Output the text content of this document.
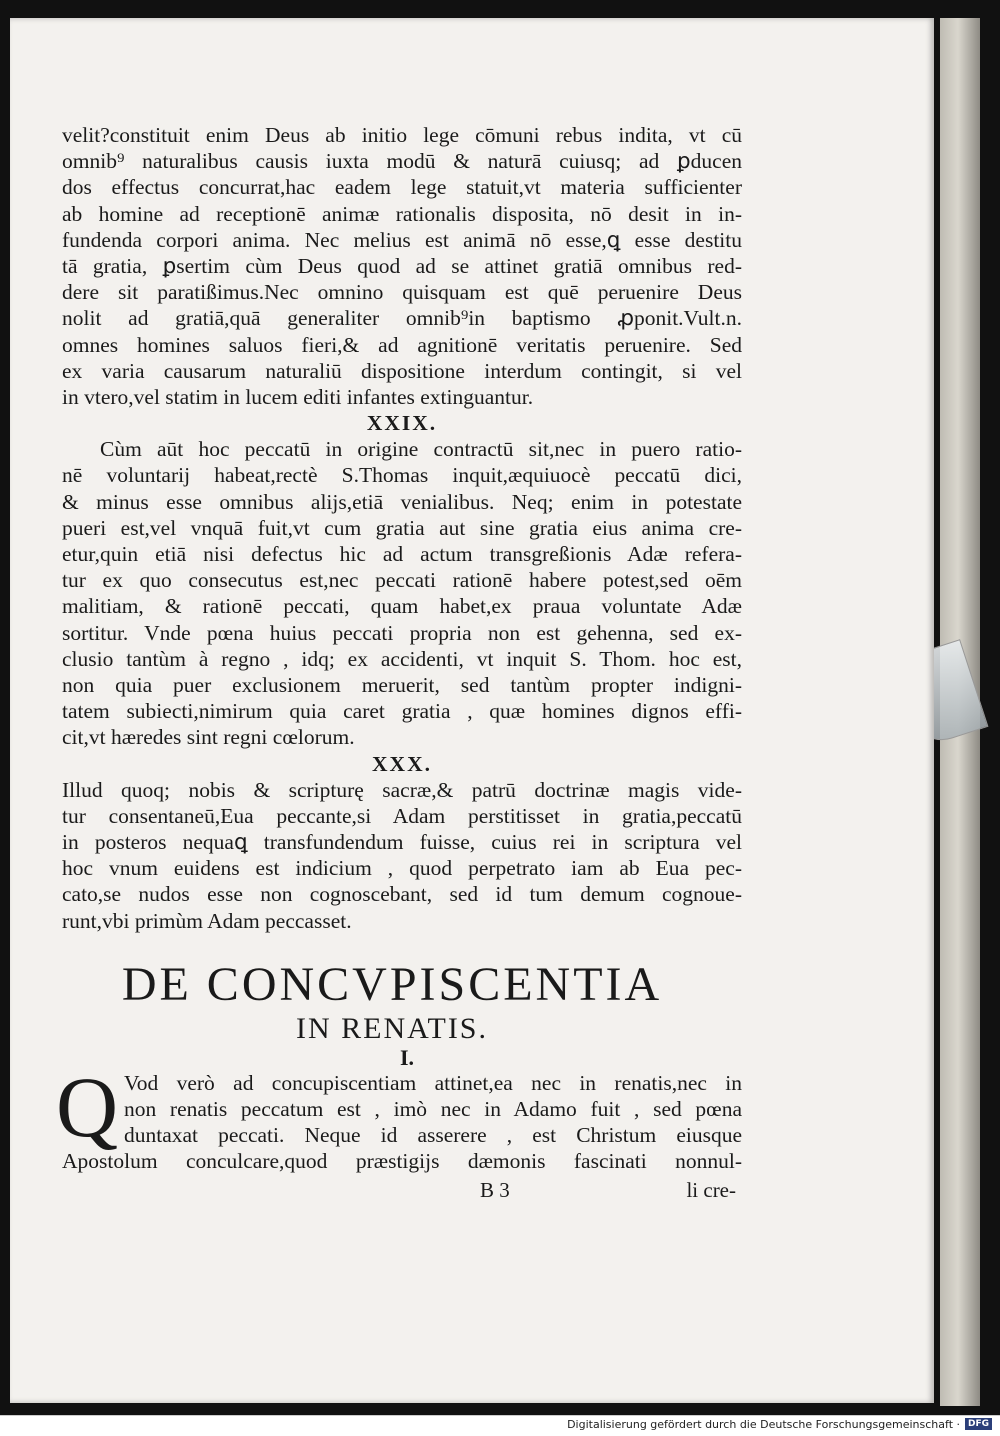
velit?constituit enim Deus ab initio lege cōmuni rebus indita, vt cū
omnib⁹ naturalibus causis iuxta modū & naturā cuiusq; ad ꝑducen
dos effectus concurrat,hac eadem lege statuit,vt materia sufficienter
ab homine ad receptionē animæ rationalis disposita, nō desit in in-
fundenda corpori anima. Nec melius est animā nō esse,ꝗ esse destitu
tā gratia, ꝑsertim cùm Deus quod ad se attinet gratiā omnibus red-
dere sit paratißimus.Nec omnino quisquam est quē peruenire Deus
nolit ad gratiā,quā generaliter omnib⁹in baptismo ꝓponit.Vult.n.
omnes homines saluos fieri,& ad agnitionē veritatis peruenire. Sed
ex varia causarum naturaliū dispositione interdum contingit, si vel
in vtero,vel statim in lucem editi infantes extinguantur.
XXIX.
Cùm aūt hoc peccatū in origine contractū sit,nec in puero ratio-
nē voluntarij habeat,rectè S.Thomas inquit,æquiuocè peccatū dici,
& minus esse omnibus alijs,etiā venialibus. Neq; enim in potestate
pueri est,vel vnquā fuit,vt cum gratia aut sine gratia eius anima cre-
etur,quin etiā nisi defectus hic ad actum transgreßionis Adæ refera-
tur ex quo consecutus est,nec peccati rationē habere potest,sed oēm
malitiam, & rationē peccati, quam habet,ex praua voluntate Adæ
sortitur. Vnde pœna huius peccati propria non est gehenna, sed ex-
clusio tantùm à regno , idq; ex accidenti, vt inquit S. Thom. hoc est,
non quia puer exclusionem meruerit, sed tantùm propter indigni-
tatem subiecti,nimirum quia caret gratia , quæ homines dignos effi-
cit,vt hæredes sint regni cœlorum.
XXX.
Illud quoq; nobis & scripturę sacræ,& patrū doctrinæ magis vide-
tur consentaneū,Eua peccante,si Adam perstitisset in gratia,peccatū
in posteros nequaꝗ transfundendum fuisse, cuius rei in scriptura vel
hoc vnum euidens est indicium , quod perpetrato iam ab Eua pec-
cato,se nudos esse non cognoscebant, sed id tum demum cognoue-
runt,vbi primùm Adam peccasset.
DE CONCVPISCENTIA
IN RENATIS.
I.
Q Vod verò ad concupiscentiam attinet,ea nec in renatis,nec in
non renatis peccatum est , imò nec in Adamo fuit , sed pœna
duntaxat peccati. Neque id asserere , est Christum eiusque
Apostolum conculcare,quod præstigijs dæmonis fascinati nonnul-
B 3	li cre-
Digitalisierung gefördert durch die Deutsche Forschungsgemeinschaft · DFG
